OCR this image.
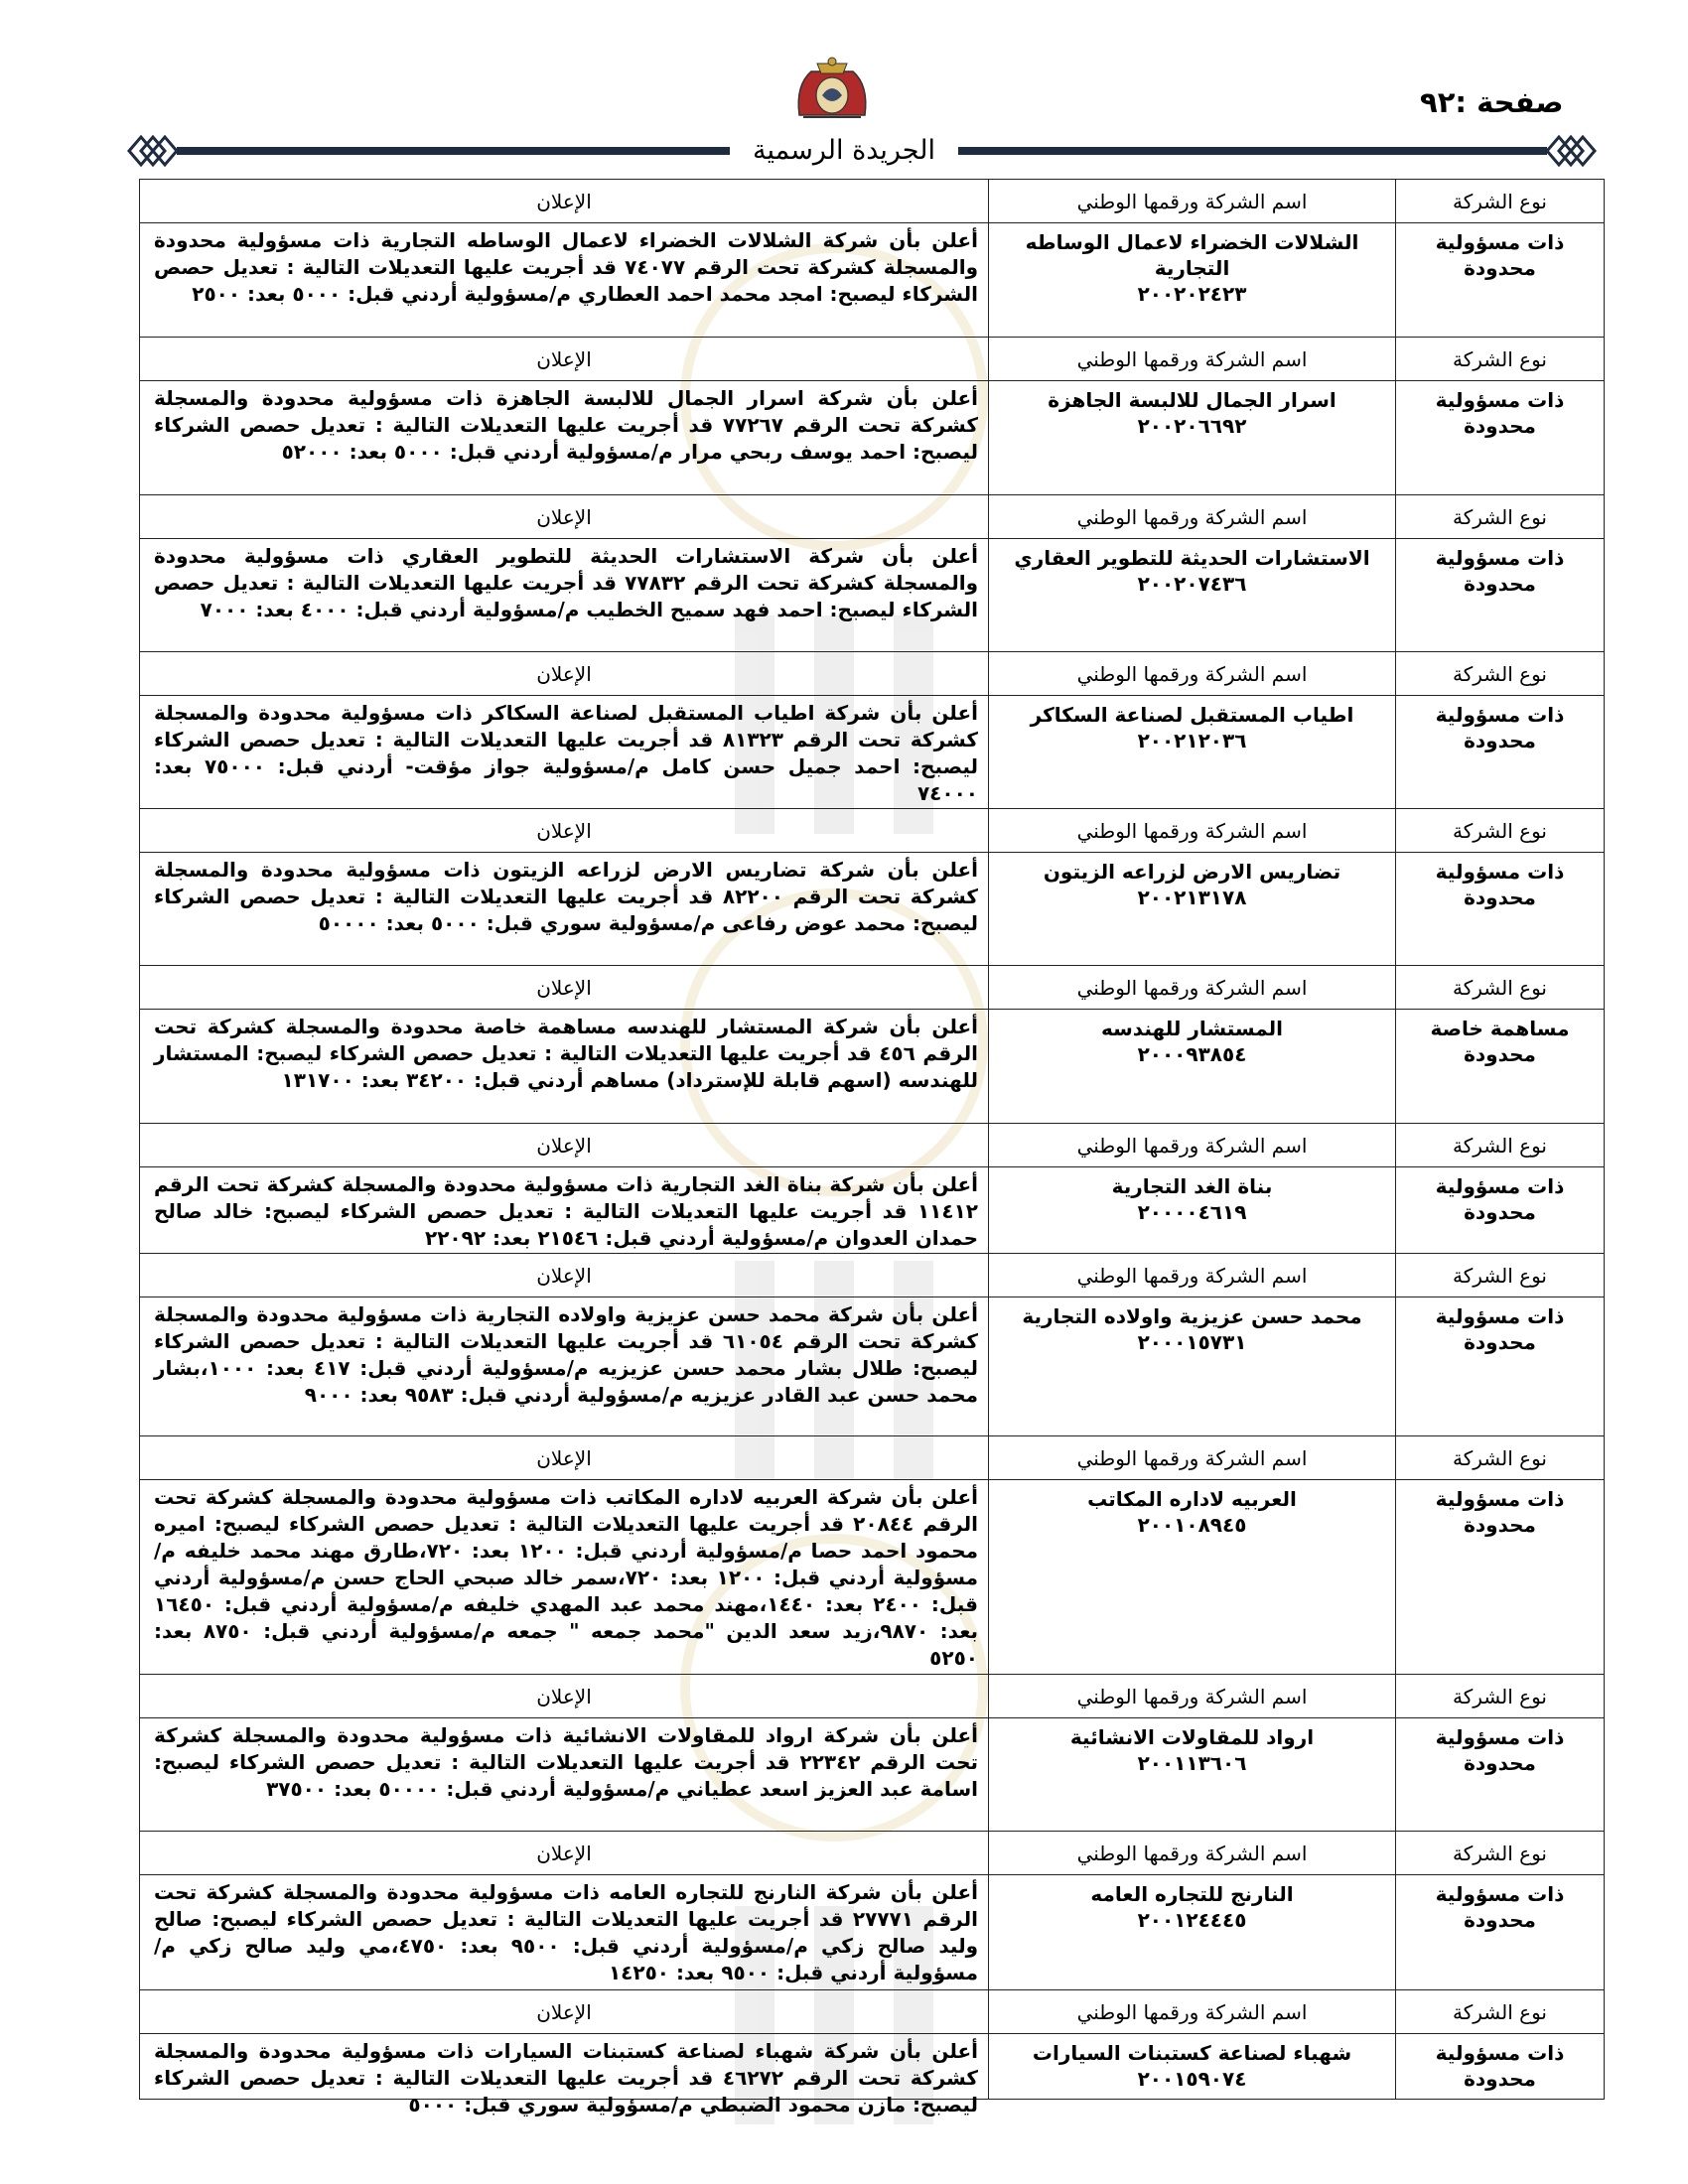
صفحة :٩٢
الجريدة الرسمية
نوع الشركة
ذات مسؤولية محدودة
اسم الشركة ورقمها الوطني
الشلالات الخضراء لاعمال الوساطه التجارية
٢٠٠٢٠٢٤٢٣
الإعلان
أعلن بأن شركة الشلالات الخضراء لاعمال الوساطه التجارية ذات مسؤولية محدودة والمسجلة كشركة تحت الرقم ٧٤٠٧٧ قد أجريت عليها التعديلات التالية : تعديل حصص الشركاء ليصبح: امجد محمد احمد العطاري م/مسؤولية أردني قبل: ٥٠٠٠ بعد: ٢٥٠٠
نوع الشركة
ذات مسؤولية محدودة
اسم الشركة ورقمها الوطني
اسرار الجمال للالبسة الجاهزة
٢٠٠٢٠٦٦٩٢
الإعلان
أعلن بأن شركة اسرار الجمال للالبسة الجاهزة ذات مسؤولية محدودة والمسجلة كشركة تحت الرقم ٧٧٢٦٧ قد أجريت عليها التعديلات التالية : تعديل حصص الشركاء ليصبح: احمد يوسف ربحي مرار م/مسؤولية أردني قبل: ٥٠٠٠ بعد: ٥٢٠٠٠
نوع الشركة
ذات مسؤولية محدودة
اسم الشركة ورقمها الوطني
الاستشارات الحديثة للتطوير العقاري
٢٠٠٢٠٧٤٣٦
الإعلان
أعلن بأن شركة الاستشارات الحديثة للتطوير العقاري ذات مسؤولية محدودة والمسجلة كشركة تحت الرقم ٧٧٨٣٢ قد أجريت عليها التعديلات التالية : تعديل حصص الشركاء ليصبح: احمد فهد سميح الخطيب م/مسؤولية أردني قبل: ٤٠٠٠ بعد: ٧٠٠٠
نوع الشركة
ذات مسؤولية محدودة
اسم الشركة ورقمها الوطني
اطياب المستقبل لصناعة السكاكر
٢٠٠٢١٢٠٣٦
الإعلان
أعلن بأن شركة اطياب المستقبل لصناعة السكاكر ذات مسؤولية محدودة والمسجلة كشركة تحت الرقم ٨١٣٢٣ قد أجريت عليها التعديلات التالية : تعديل حصص الشركاء ليصبح: احمد جميل حسن كامل م/مسؤولية جواز مؤقت- أردني قبل: ٧٥٠٠٠ بعد: ٧٤٠٠٠
نوع الشركة
ذات مسؤولية محدودة
اسم الشركة ورقمها الوطني
تضاريس الارض لزراعه الزيتون
٢٠٠٢١٣١٧٨
الإعلان
أعلن بأن شركة تضاريس الارض لزراعه الزيتون ذات مسؤولية محدودة والمسجلة كشركة تحت الرقم ٨٢٢٠٠ قد أجريت عليها التعديلات التالية : تعديل حصص الشركاء ليصبح: محمد عوض رفاعى م/مسؤولية سوري قبل: ٥٠٠٠ بعد: ٥٠٠٠٠
نوع الشركة
مساهمة خاصة محدودة
اسم الشركة ورقمها الوطني
المستشار للهندسه
٢٠٠٠٩٣٨٥٤
الإعلان
أعلن بأن شركة المستشار للهندسه مساهمة خاصة محدودة والمسجلة كشركة تحت الرقم ٤٥٦ قد أجريت عليها التعديلات التالية : تعديل حصص الشركاء ليصبح: المستشار للهندسه (اسهم قابلة للإسترداد) مساهم أردني قبل: ٣٤٢٠٠ بعد: ١٣١٧٠٠
نوع الشركة
ذات مسؤولية محدودة
اسم الشركة ورقمها الوطني
بناة الغد التجارية
٢٠٠٠٠٤٦١٩
الإعلان
أعلن بأن شركة بناة الغد التجارية ذات مسؤولية محدودة والمسجلة كشركة تحت الرقم ١١٤١٢ قد أجريت عليها التعديلات التالية : تعديل حصص الشركاء ليصبح: خالد صالح حمدان العدوان م/مسؤولية أردني قبل: ٢١٥٤٦ بعد: ٢٢٠٩٢
نوع الشركة
ذات مسؤولية محدودة
اسم الشركة ورقمها الوطني
محمد حسن عزيزية واولاده التجارية
٢٠٠٠١٥٧٣١
الإعلان
أعلن بأن شركة محمد حسن عزيزية واولاده التجارية ذات مسؤولية محدودة والمسجلة كشركة تحت الرقم ٦١٠٥٤ قد أجريت عليها التعديلات التالية : تعديل حصص الشركاء ليصبح: طلال بشار محمد حسن عزيزيه م/مسؤولية أردني قبل: ٤١٧ بعد: ١٠٠٠،بشار محمد حسن عبد القادر عزيزيه م/مسؤولية أردني قبل: ٩٥٨٣ بعد: ٩٠٠٠
نوع الشركة
ذات مسؤولية محدودة
اسم الشركة ورقمها الوطني
العربيه لاداره المكاتب
٢٠٠١٠٨٩٤٥
الإعلان
أعلن بأن شركة العربيه لاداره المكاتب ذات مسؤولية محدودة والمسجلة كشركة تحت الرقم ٢٠٨٤٤ قد أجريت عليها التعديلات التالية : تعديل حصص الشركاء ليصبح: اميره محمود احمد حصا م/مسؤولية أردني قبل: ١٢٠٠ بعد: ٧٢٠،طارق مهند محمد خليفه م/مسؤولية أردني قبل: ١٢٠٠ بعد: ٧٢٠،سمر خالد صبحي الحاج حسن م/مسؤولية أردني قبل: ٢٤٠٠ بعد: ١٤٤٠،مهند محمد عبد المهدي خليفه م/مسؤولية أردني قبل: ١٦٤٥٠ بعد: ٩٨٧٠،زيد سعد الدين "محمد جمعه " جمعه م/مسؤولية أردني قبل: ٨٧٥٠ بعد: ٥٢٥٠
نوع الشركة
ذات مسؤولية محدودة
اسم الشركة ورقمها الوطني
ارواد للمقاولات الانشائية
٢٠٠١١٣٦٠٦
الإعلان
أعلن بأن شركة ارواد للمقاولات الانشائية ذات مسؤولية محدودة والمسجلة كشركة تحت الرقم ٢٢٣٤٢ قد أجريت عليها التعديلات التالية : تعديل حصص الشركاء ليصبح: اسامة عبد العزيز اسعد عطياني م/مسؤولية أردني قبل: ٥٠٠٠٠ بعد: ٣٧٥٠٠
نوع الشركة
ذات مسؤولية محدودة
اسم الشركة ورقمها الوطني
النارنج للتجاره العامه
٢٠٠١٢٤٤٤٥
الإعلان
أعلن بأن شركة النارنج للتجاره العامه ذات مسؤولية محدودة والمسجلة كشركة تحت الرقم ٢٧٧٧١ قد أجريت عليها التعديلات التالية : تعديل حصص الشركاء ليصبح: صالح وليد صالح زكي م/مسؤولية أردني قبل: ٩٥٠٠ بعد: ٤٧٥٠،مي وليد صالح زكي م/مسؤولية أردني قبل: ٩٥٠٠ بعد: ١٤٢٥٠
نوع الشركة
ذات مسؤولية محدودة
اسم الشركة ورقمها الوطني
شهباء لصناعة كستبنات السيارات
٢٠٠١٥٩٠٧٤
الإعلان
أعلن بأن شركة شهباء لصناعة كستبنات السيارات ذات مسؤولية محدودة والمسجلة كشركة تحت الرقم ٤٦٢٧٢ قد أجريت عليها التعديلات التالية : تعديل حصص الشركاء ليصبح: مازن محمود الضبطي م/مسؤولية سوري قبل: ٥٠٠٠
